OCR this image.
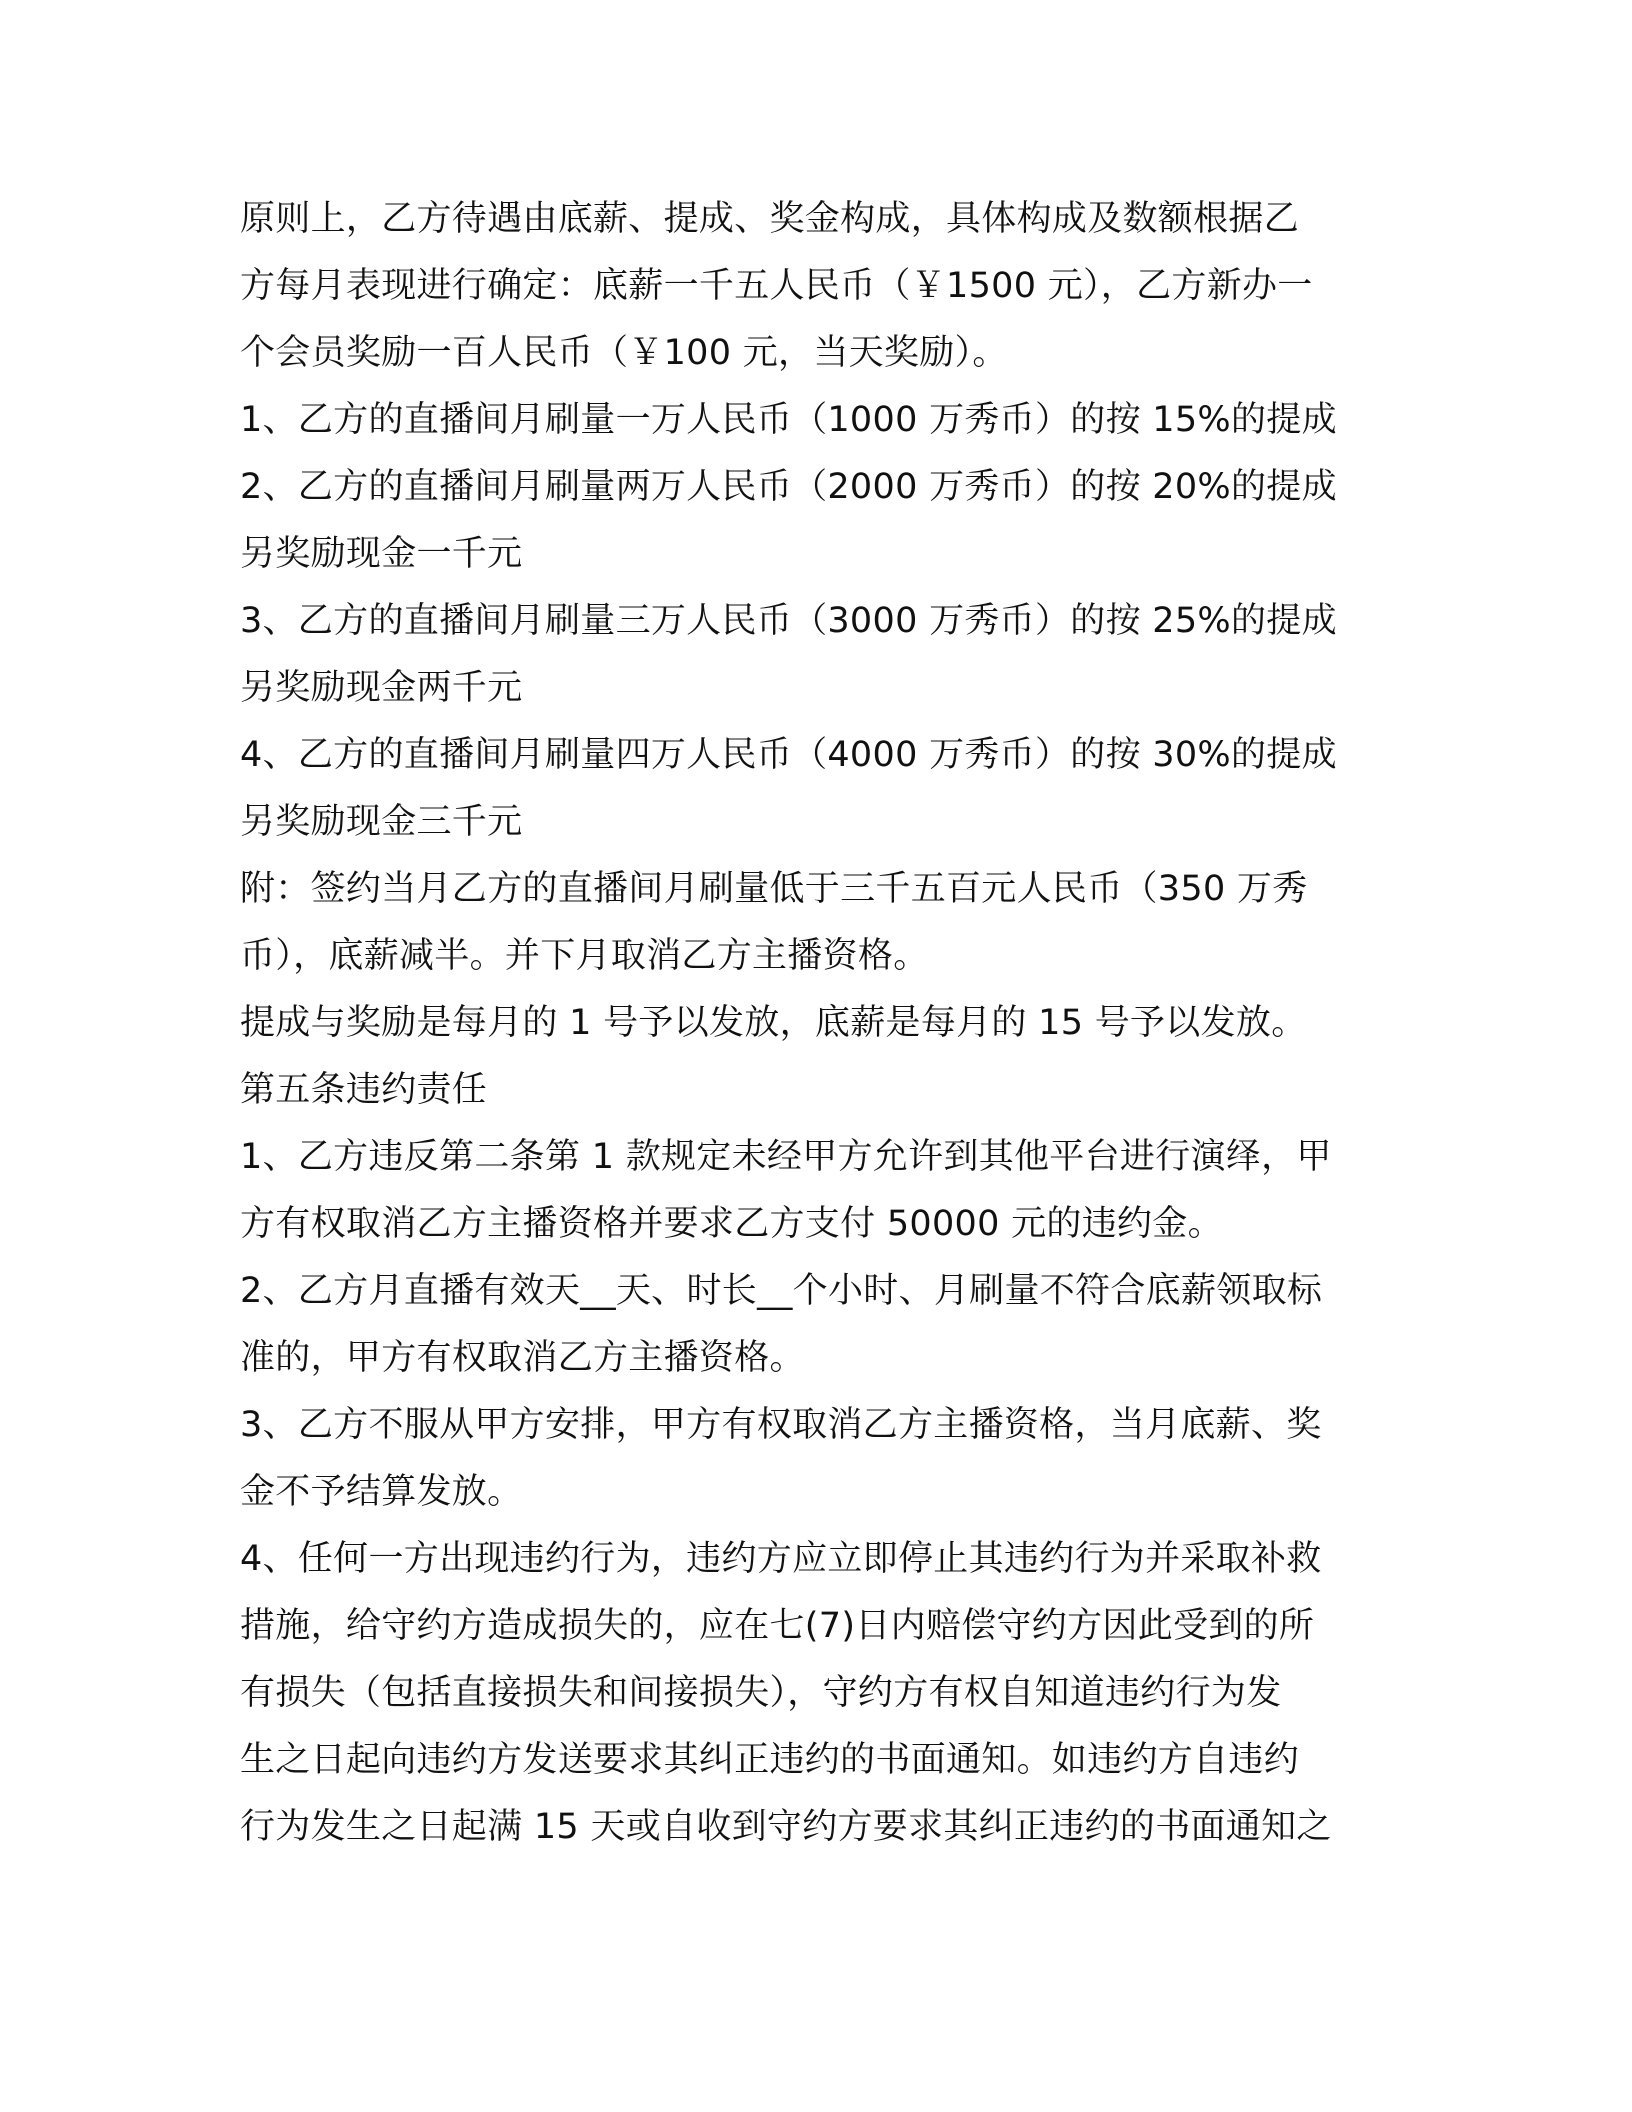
原则上，乙方待遇由底薪、提成、奖金构成，具体构成及数额根据乙
方每月表现进行确定：底薪一千五人民币（￥1500 元），乙方新办一
个会员奖励一百人民币（￥100 元，当天奖励）。
1、乙方的直播间月刷量一万人民币（1000 万秀币）的按 15%的提成
2、乙方的直播间月刷量两万人民币（2000 万秀币）的按 20%的提成
另奖励现金一千元
3、乙方的直播间月刷量三万人民币（3000 万秀币）的按 25%的提成
另奖励现金两千元
4、乙方的直播间月刷量四万人民币（4000 万秀币）的按 30%的提成
另奖励现金三千元
附：签约当月乙方的直播间月刷量低于三千五百元人民币（350 万秀
币），底薪减半。并下月取消乙方主播资格。
提成与奖励是每月的 1 号予以发放，底薪是每月的 15 号予以发放。
第五条违约责任
1、乙方违反第二条第 1 款规定未经甲方允许到其他平台进行演绎，甲
方有权取消乙方主播资格并要求乙方支付 50000 元的违约金。
2、乙方月直播有效天__天、时长__个小时、月刷量不符合底薪领取标
准的，甲方有权取消乙方主播资格。
3、乙方不服从甲方安排，甲方有权取消乙方主播资格，当月底薪、奖
金不予结算发放。
4、任何一方出现违约行为，违约方应立即停止其违约行为并采取补救
措施，给守约方造成损失的，应在七(7)日内赔偿守约方因此受到的所
有损失（包括直接损失和间接损失），守约方有权自知道违约行为发
生之日起向违约方发送要求其纠正违约的书面通知。如违约方自违约
行为发生之日起满 15 天或自收到守约方要求其纠正违约的书面通知之
